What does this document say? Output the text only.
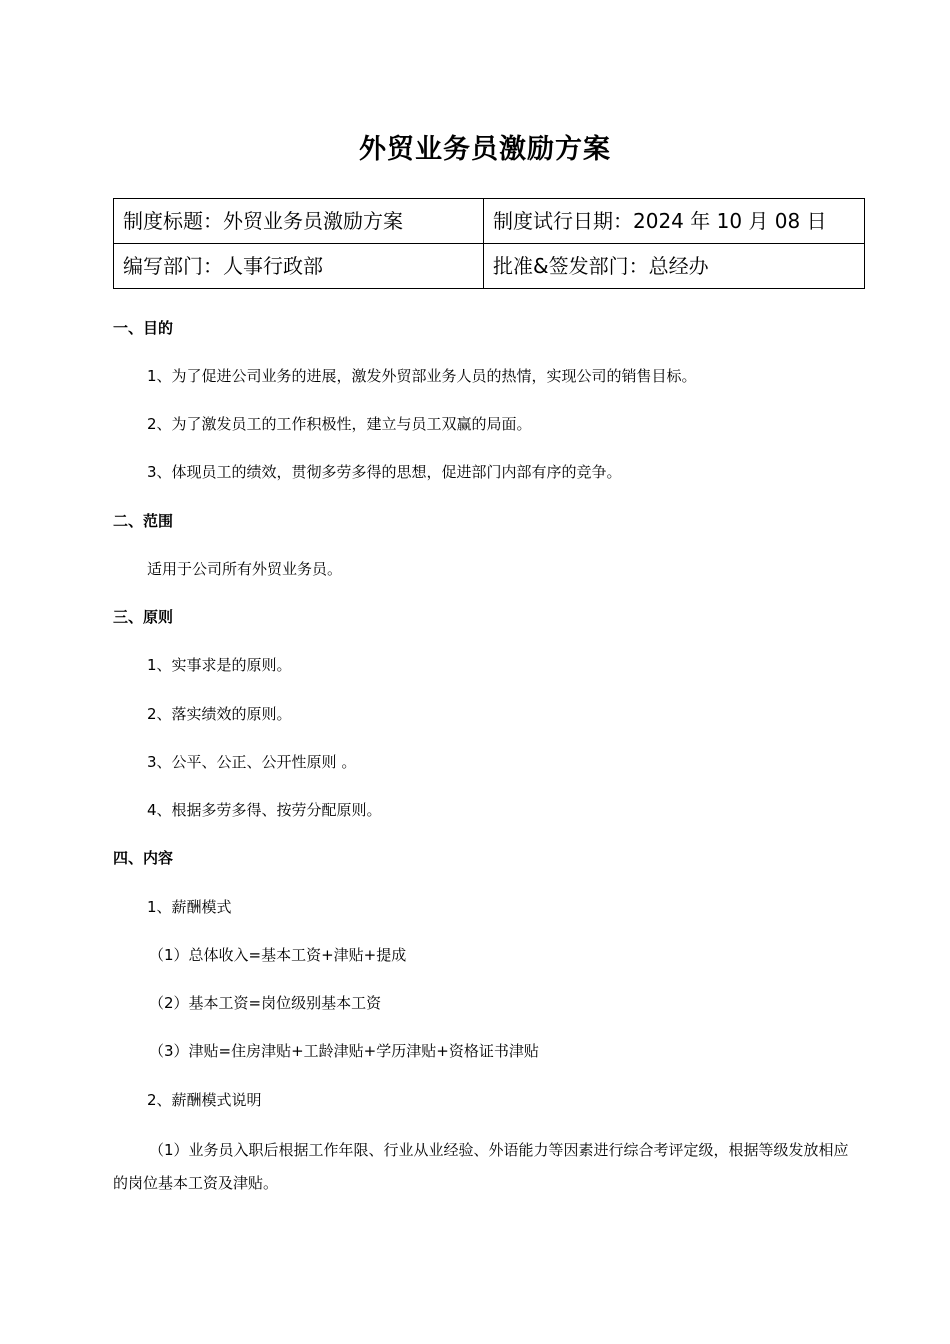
外贸业务员激励方案
制度标题：外贸业务员激励方案	制度试行日期：2024 年 10 月 08 日
编写部门：人事行政部	批准&签发部门：总经办
一、目的
1、为了促进公司业务的进展，激发外贸部业务人员的热情，实现公司的销售目标。
2、为了激发员工的工作积极性，建立与员工双赢的局面。
3、体现员工的绩效，贯彻多劳多得的思想，促进部门内部有序的竞争。
二、范围
适用于公司所有外贸业务员。
三、原则
1、实事求是的原则。
2、落实绩效的原则。
3、公平、公正、公开性原则 。
4、根据多劳多得、按劳分配原则。
四、内容
1、薪酬模式
（1）总体收入=基本工资+津贴+提成
（2）基本工资=岗位级别基本工资
（3）津贴=住房津贴+工龄津贴+学历津贴+资格证书津贴
2、薪酬模式说明
（1）业务员入职后根据工作年限、行业从业经验、外语能力等因素进行综合考评定级，根据等级发放相应的岗位基本工资及津贴。
